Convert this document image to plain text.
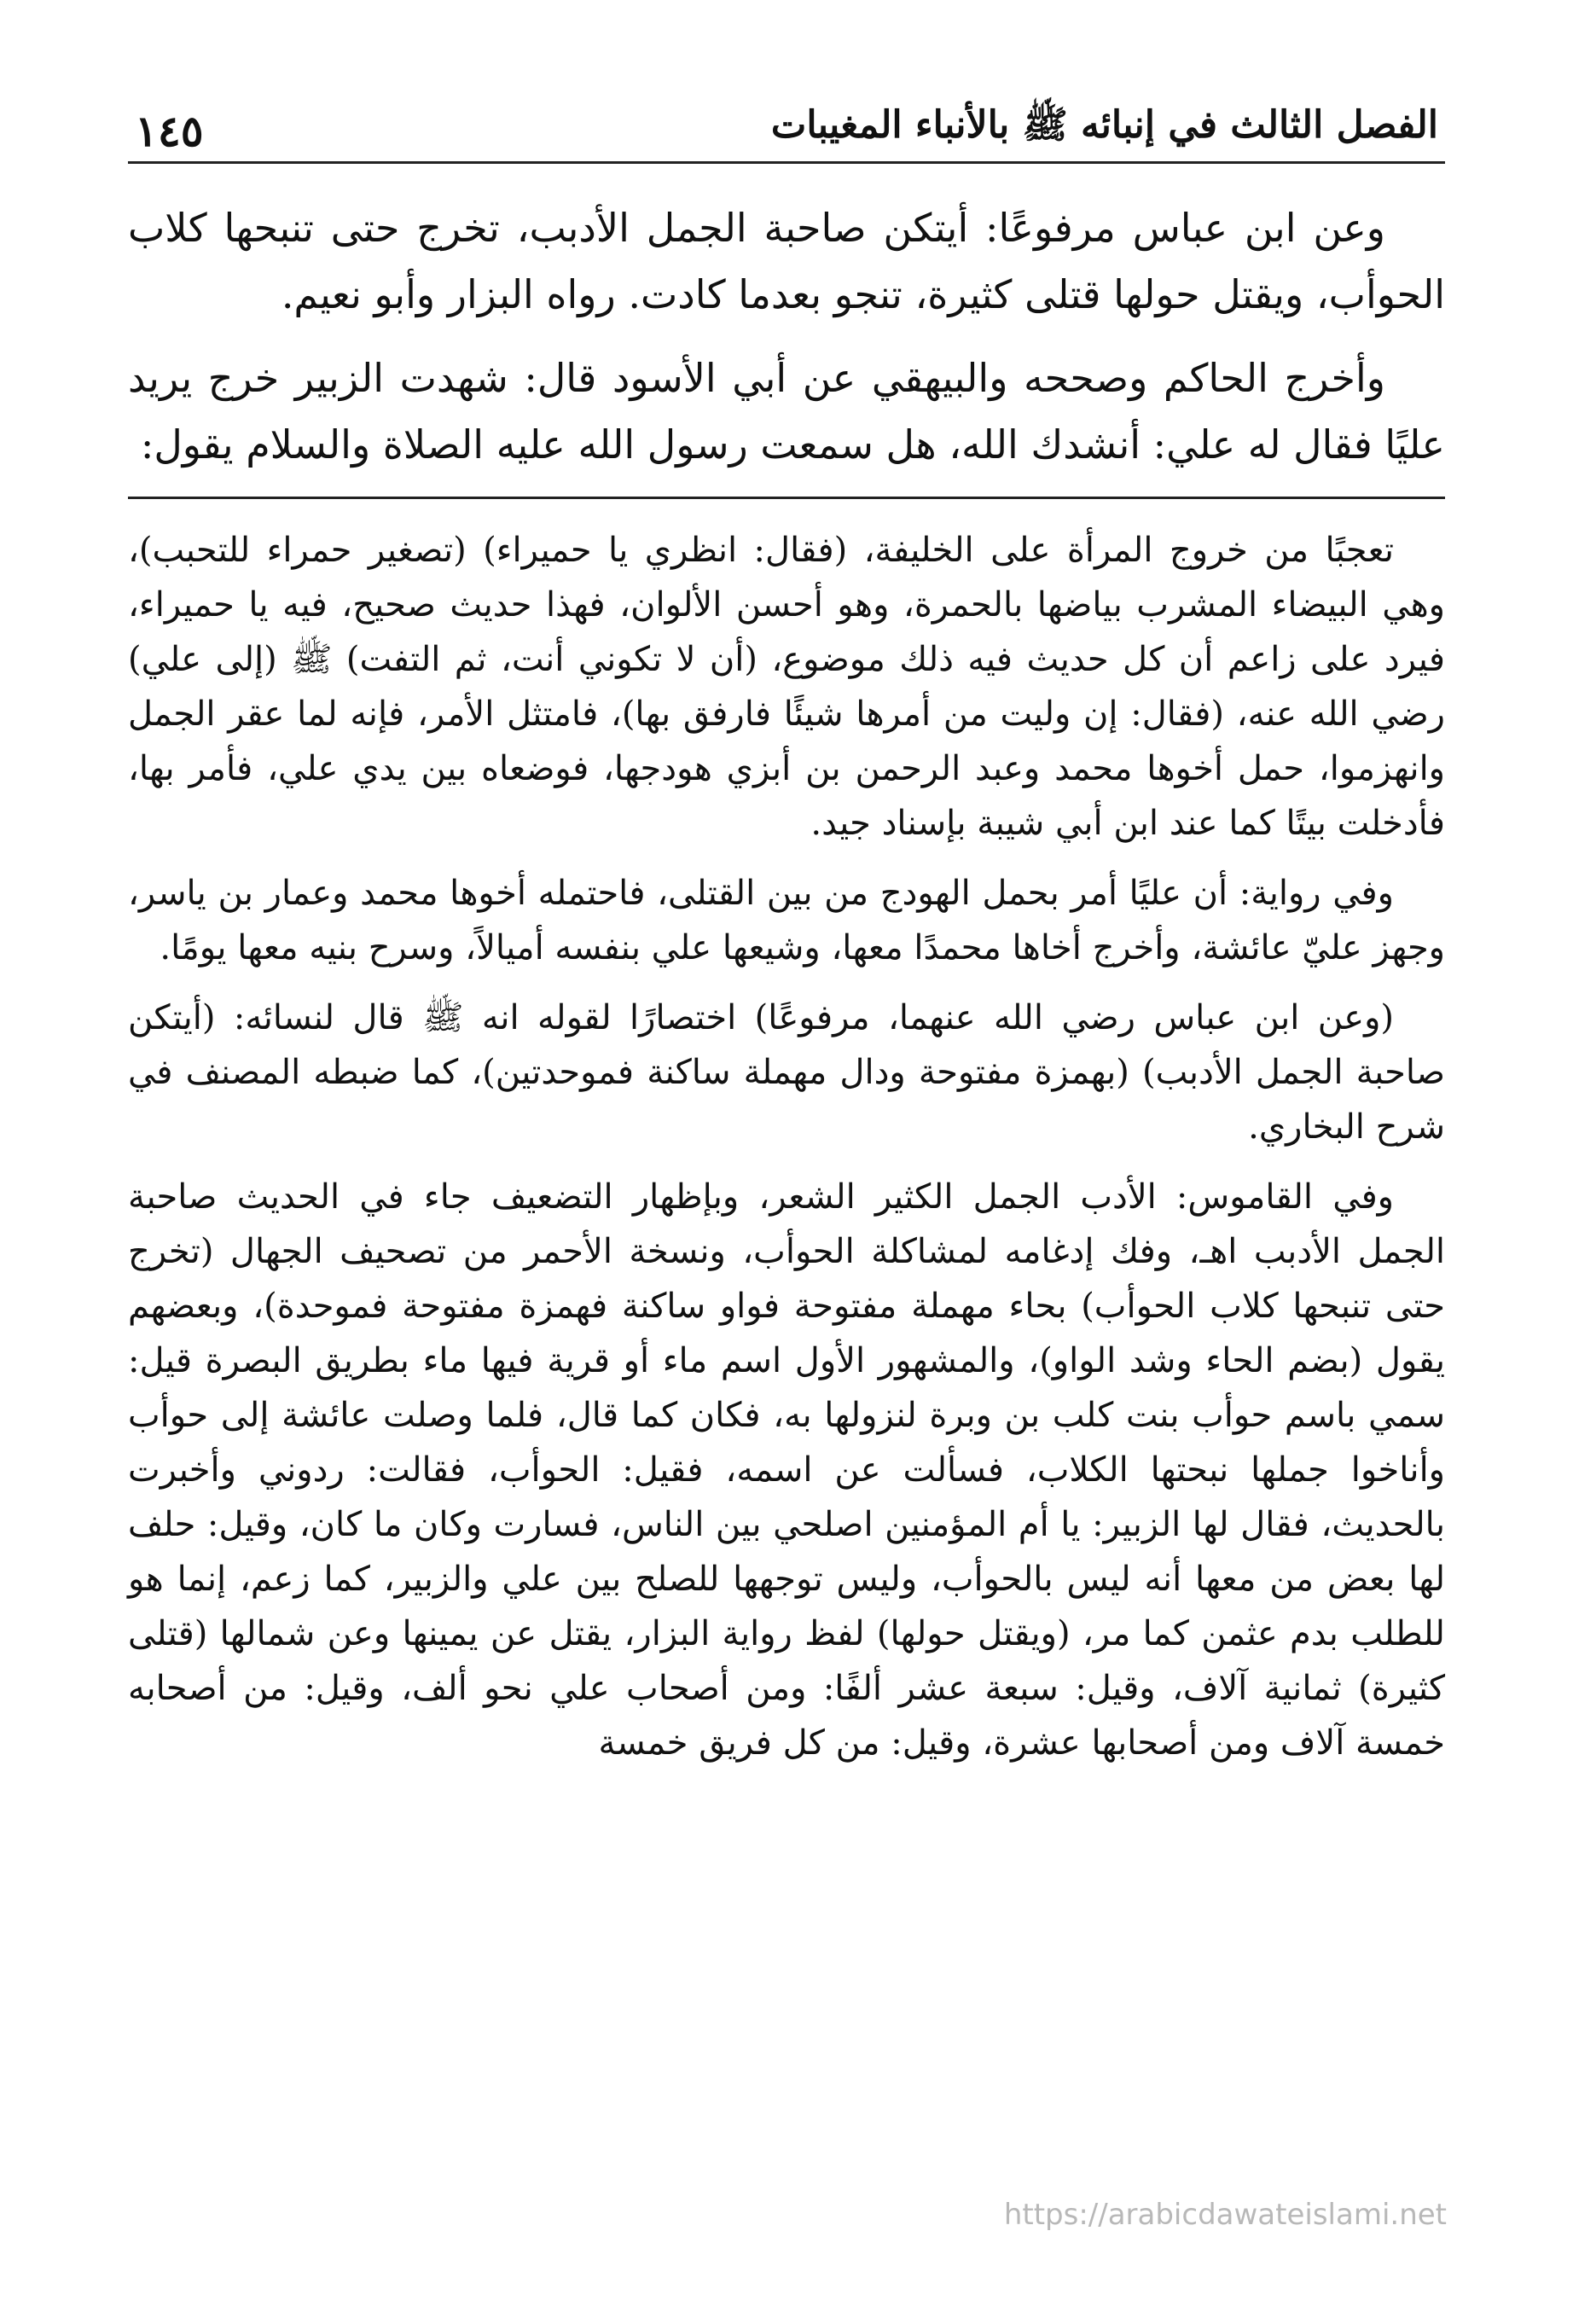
الفصل الثالث في إنبائه ﷺ بالأنباء المغيبات
١٤٥

وعن ابن عباس مرفوعًا: أيتكن صاحبة الجمل الأدبب، تخرج حتى تنبحها كلاب الحوأب، ويقتل حولها قتلى كثيرة، تنجو بعدما كادت. رواه البزار وأبو نعيم.

وأخرج الحاكم وصححه والبيهقي عن أبي الأسود قال: شهدت الزبير خرج يريد عليًا فقال له علي: أنشدك الله، هل سمعت رسول الله عليه الصلاة والسلام يقول:

تعجبًا من خروج المرأة على الخليفة، (فقال: انظري يا حميراء) (تصغير حمراء للتحبب)، وهي البيضاء المشرب بياضها بالحمرة، وهو أحسن الألوان، فهذا حديث صحيح، فيه يا حميراء، فيرد على زاعم أن كل حديث فيه ذلك موضوع، (أن لا تكوني أنت، ثم التفت) ﷺ (إلى علي) رضي الله عنه، (فقال: إن وليت من أمرها شيئًا فارفق بها)، فامتثل الأمر، فإنه لما عقر الجمل وانهزموا، حمل أخوها محمد وعبد الرحمن بن أبزي هودجها، فوضعاه بين يدي علي، فأمر بها، فأدخلت بيتًا كما عند ابن أبي شيبة بإسناد جيد.

وفي رواية: أن عليًا أمر بحمل الهودج من بين القتلى، فاحتمله أخوها محمد وعمار بن ياسر، وجهز عليّ عائشة، وأخرج أخاها محمدًا معها، وشيعها علي بنفسه أميالاً، وسرح بنيه معها يومًا.

(وعن ابن عباس رضي الله عنهما، مرفوعًا) اختصارًا لقوله انه ﷺ قال لنسائه: (أيتكن صاحبة الجمل الأدبب) (بهمزة مفتوحة ودال مهملة ساكنة فموحدتين)، كما ضبطه المصنف في شرح البخاري.

وفي القاموس: الأدب الجمل الكثير الشعر، وبإظهار التضعيف جاء في الحديث صاحبة الجمل الأدبب اهـ، وفك إدغامه لمشاكلة الحوأب، ونسخة الأحمر من تصحيف الجهال (تخرج حتى تنبحها كلاب الحوأب) بحاء مهملة مفتوحة فواو ساكنة فهمزة مفتوحة فموحدة)، وبعضهم يقول (بضم الحاء وشد الواو)، والمشهور الأول اسم ماء أو قرية فيها ماء بطريق البصرة قيل: سمي باسم حوأب بنت كلب بن وبرة لنزولها به، فكان كما قال، فلما وصلت عائشة إلى حوأب وأناخوا جملها نبحتها الكلاب، فسألت عن اسمه، فقيل: الحوأب، فقالت: ردوني وأخبرت بالحديث، فقال لها الزبير: يا أم المؤمنين اصلحي بين الناس، فسارت وكان ما كان، وقيل: حلف لها بعض من معها أنه ليس بالحوأب، وليس توجهها للصلح بين علي والزبير، كما زعم، إنما هو للطلب بدم عثمن كما مر، (ويقتل حولها) لفظ رواية البزار، يقتل عن يمينها وعن شمالها (قتلى كثيرة) ثمانية آلاف، وقيل: سبعة عشر ألفًا: ومن أصحاب علي نحو ألف، وقيل: من أصحابه خمسة آلاف ومن أصحابها عشرة، وقيل: من كل فريق خمسة

https://arabicdawateislami.net
